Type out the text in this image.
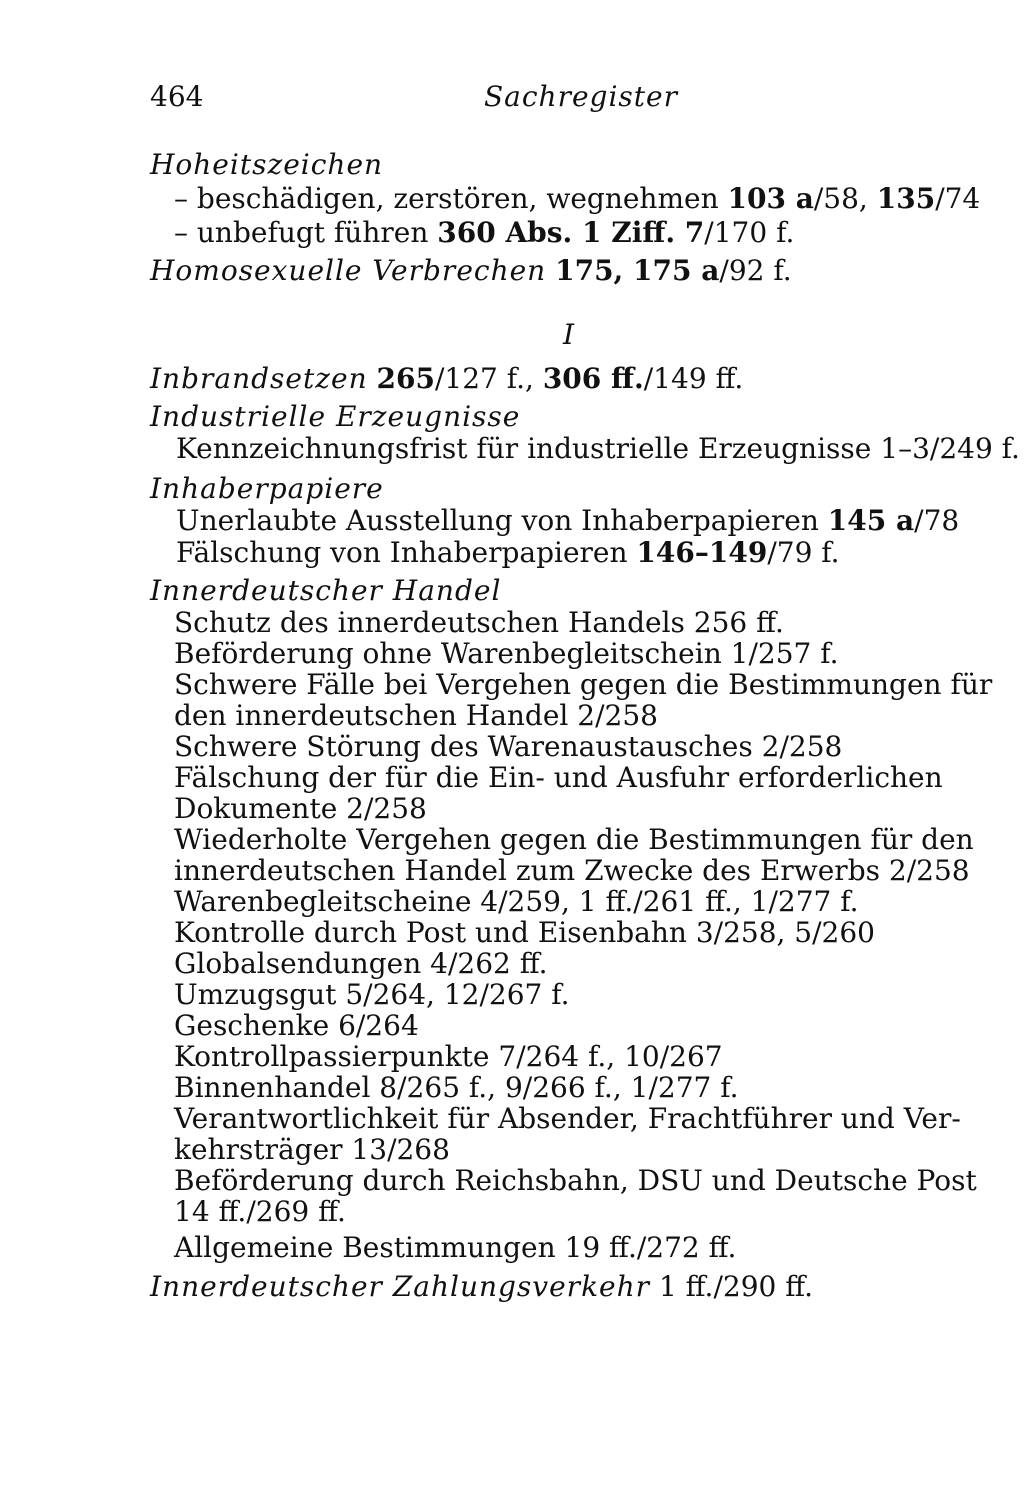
464	Sachregister
Hoheitszeichen
– beschädigen, zerstören, wegnehmen 103 a/58, 135/74
– unbefugt führen 360 Abs. 1 Ziff. 7/170 f.
Homosexuelle Verbrechen 175, 175 a/92 f.
I
Inbrandsetzen 265/127 f., 306 ff./149 ff.
Industrielle Erzeugnisse
Kennzeichnungsfrist für industrielle Erzeugnisse 1–3/249 f.
Inhaberpapiere
Unerlaubte Ausstellung von Inhaberpapieren 145 a/78
Fälschung von Inhaberpapieren 146–149/79 f.
Innerdeutscher Handel
Schutz des innerdeutschen Handels 256 ff.
Beförderung ohne Warenbegleitschein 1/257 f.
Schwere Fälle bei Vergehen gegen die Bestimmungen für
den innerdeutschen Handel 2/258
Schwere Störung des Warenaustausches 2/258
Fälschung der für die Ein- und Ausfuhr erforderlichen
Dokumente 2/258
Wiederholte Vergehen gegen die Bestimmungen für den
innerdeutschen Handel zum Zwecke des Erwerbs 2/258
Warenbegleitscheine 4/259, 1 ff./261 ff., 1/277 f.
Kontrolle durch Post und Eisenbahn 3/258, 5/260
Globalsendungen 4/262 ff.
Umzugsgut 5/264, 12/267 f.
Geschenke 6/264
Kontrollpassierpunkte 7/264 f., 10/267
Binnenhandel 8/265 f., 9/266 f., 1/277 f.
Verantwortlichkeit für Absender, Frachtführer und Ver-
kehrsträger 13/268
Beförderung durch Reichsbahn, DSU und Deutsche Post
14 ff./269 ff.
Allgemeine Bestimmungen 19 ff./272 ff.
Innerdeutscher Zahlungsverkehr 1 ff./290 ff.
